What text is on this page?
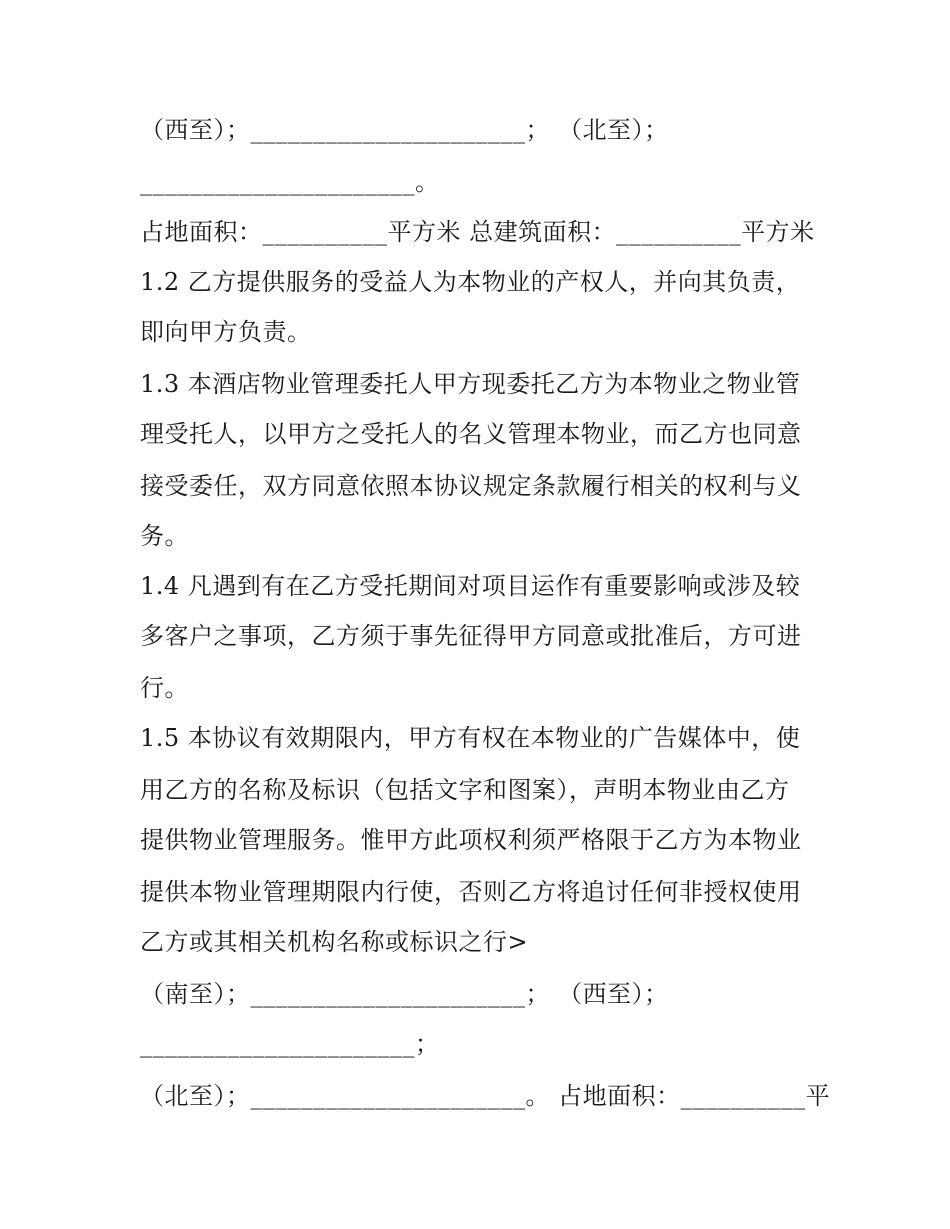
（西至）；______________________； （北至）；
______________________。
占地面积：__________平方米 总建筑面积：__________平方米
1.2 乙方提供服务的受益人为本物业的产权人，并向其负责，
即向甲方负责。
1.3 本酒店物业管理委托人甲方现委托乙方为本物业之物业管
理受托人，以甲方之受托人的名义管理本物业，而乙方也同意
接受委任，双方同意依照本协议规定条款履行相关的权利与义
务。
1.4 凡遇到有在乙方受托期间对项目运作有重要影响或涉及较
多客户之事项，乙方须于事先征得甲方同意或批准后，方可进
行。
1.5 本协议有效期限内，甲方有权在本物业的广告媒体中，使
用乙方的名称及标识（包括文字和图案），声明本物业由乙方
提供物业管理服务。惟甲方此项权利须严格限于乙方为本物业
提供本物业管理期限内行使，否则乙方将追讨任何非授权使用
乙方或其相关机构名称或标识之行>
（南至）；______________________； （西至）；
______________________；
（北至）；______________________。 占地面积：__________平
